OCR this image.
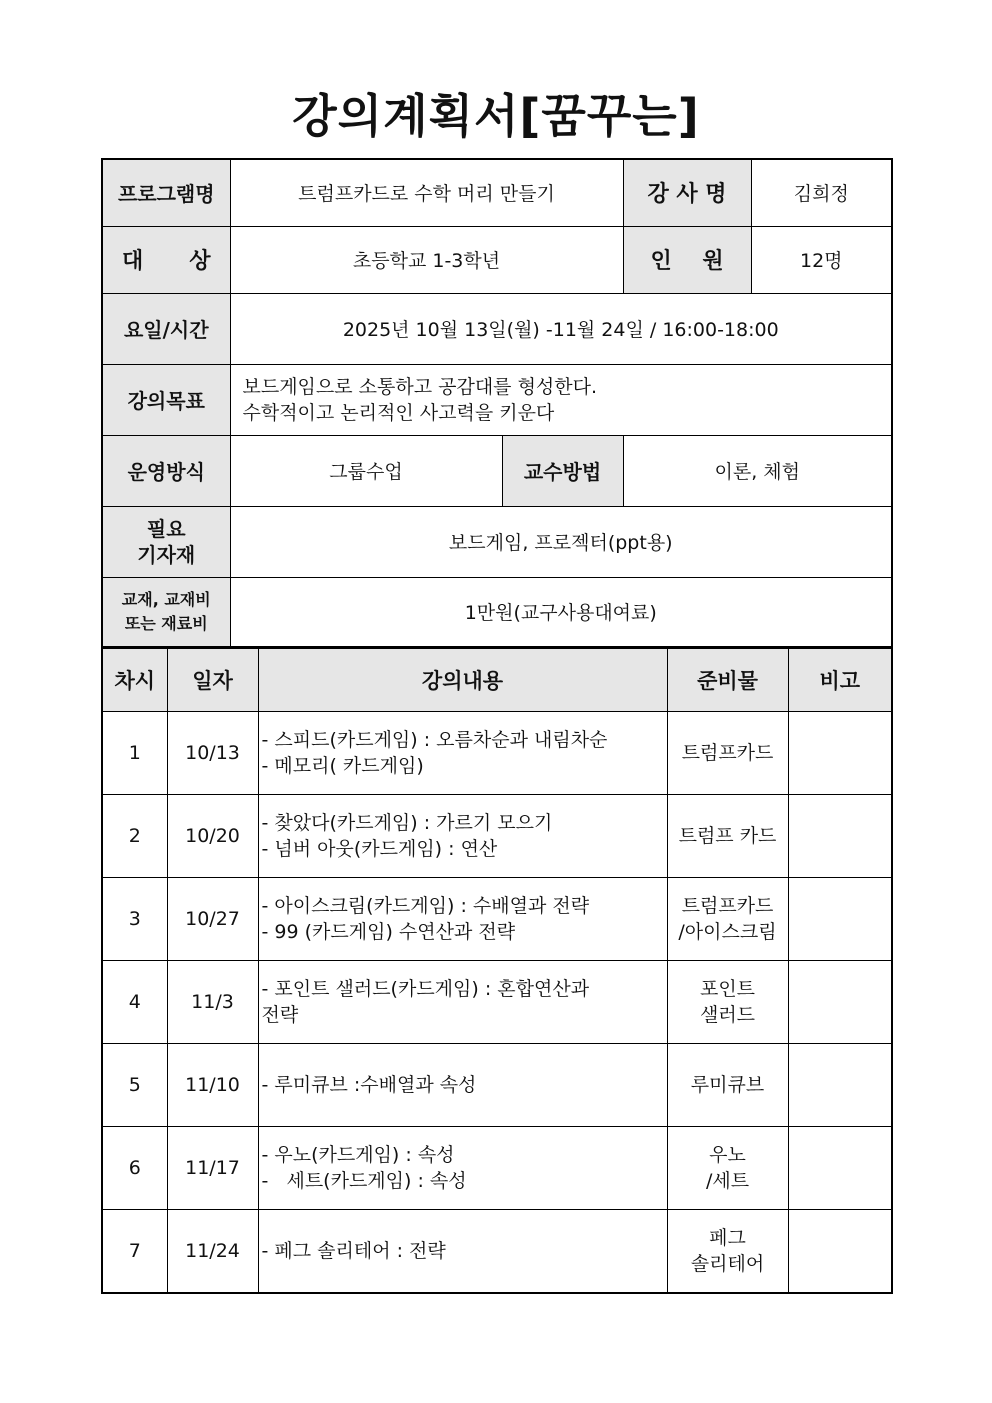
강의계획서[꿈꾸는]
프로그램명	트럼프카드로 수학 머리 만들기		강 사 명	김희정
대      상	초등학교 1-3학년		인    원	12명
요일/시간	2025년 10월 13일(월) -11월 24일 / 16:00-18:00			
강의목표	보드게임으로 소통하고 공감대를 형성한다.
수학적이고 논리적인 사고력을 키운다			

운영방식	그룹수업	교수방법	이론, 체험	

필요
기자재	보드게임, 프로젝터(ppt용)			

교재, 교재비
또는 재료비	1만원(교구사용대여료)			
차시	일자	강의내용	준비물	비고
1	10/13	- 스피드(카드게임) : 오름차순과 내림차순
- 메모리( 카드게임)	트럼프카드	

2	10/20	- 찾았다(카드게임) : 가르기 모으기
- 넘버 아웃(카드게임) : 연산	트럼프 카드	

3	10/27	- 아이스크림(카드게임) : 수배열과 전략
- 99 (카드게임) 수연산과 전략	트럼프카드
/아이스크림	

4	11/3	- 포인트 샐러드(카드게임) : 혼합연산과
전략	포인트
샐러드	

5	11/10	- 루미큐브 :수배열과 속성	루미큐브	

6	11/17	- 우노(카드게임) : 속성
-   세트(카드게임) : 속성	우노
/세트	

7	11/24	- 페그 솔리테어 : 전략	페그
솔리테어	
